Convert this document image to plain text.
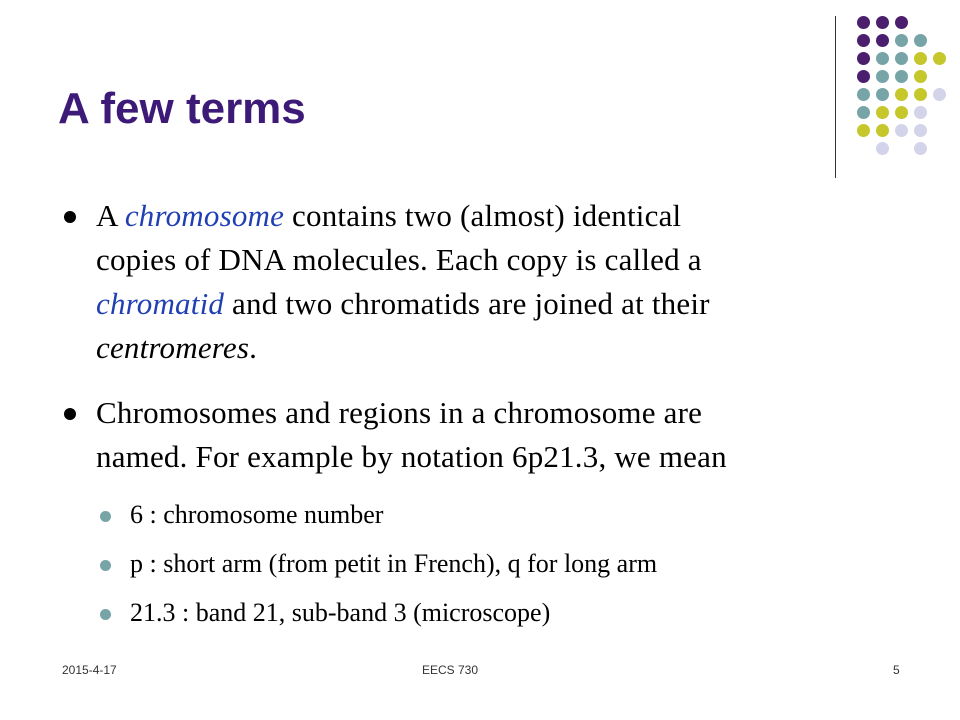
A few terms
A chromosome contains two (almost) identical
copies of DNA molecules. Each copy is called a
chromatid and two chromatids are joined at their
centromeres.
Chromosomes and regions in a chromosome are
named. For example by notation 6p21.3, we mean
6 : chromosome number
p : short arm (from petit in French), q for long arm
21.3 : band 21, sub-band 3 (microscope)
2015-4-17	EECS 730	5
